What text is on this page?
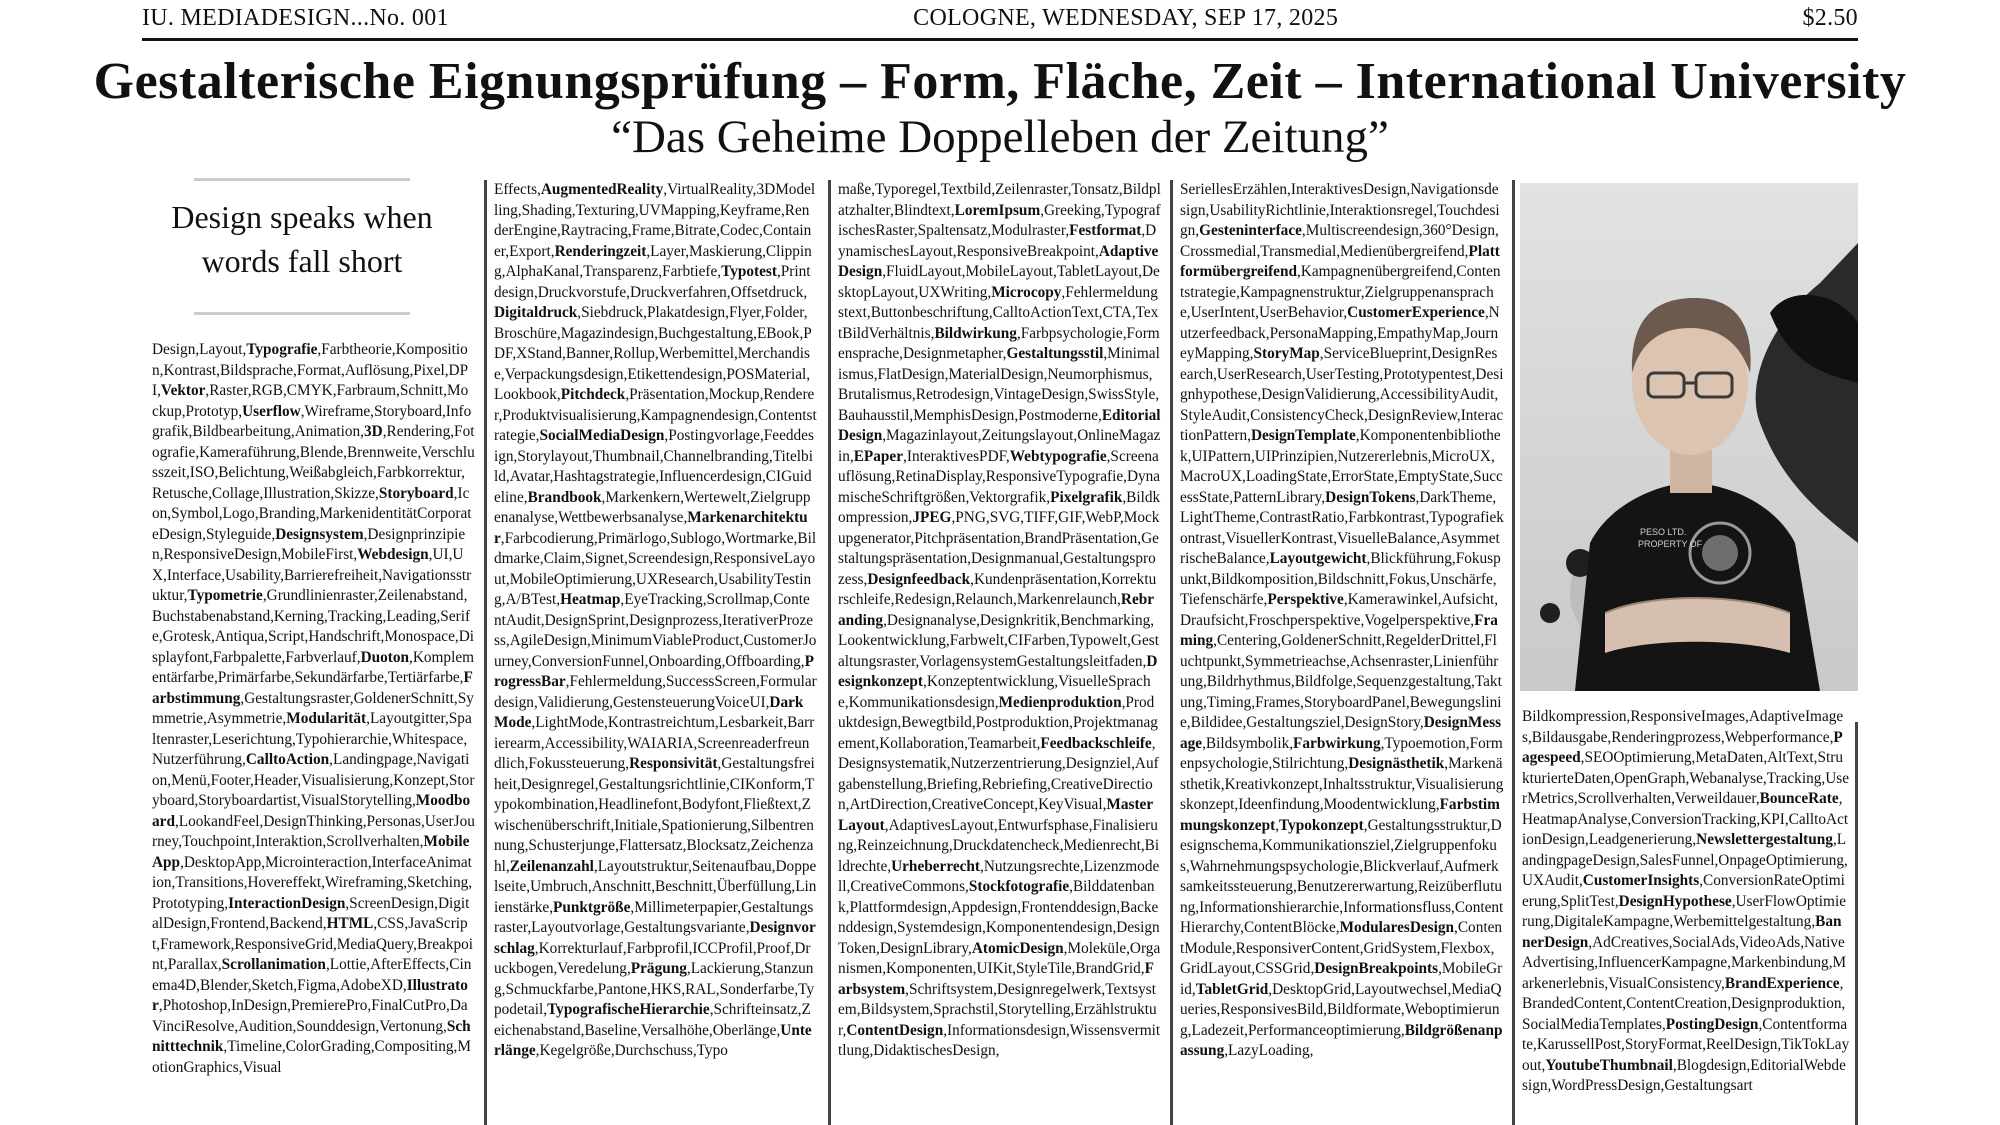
IU. MEDIADESIGN...No. 001	COLOGNE, WEDNESDAY, SEP 17, 2025	$2.50
Gestalterische Eignungsprüfung – Form, Fläche, Zeit – International University
“Das Geheime Doppelleben der Zeitung”
Design speaks when words fall short
Design,Layout,Typografie,Farbtheorie,Komposition,Kontrast,Bildsprache,Format,Auflösung,Pixel,DPI,Vektor,Raster,RGB,CMYK,Farbraum,Schnitt,Mockup,Prototyp,Userflow,Wireframe,Storyboard,Infografik,Bildbearbeitung,Animation,3D,Rendering,Fotografie,Kameraführung,Blende,Brennweite,Verschlusszeit,ISO,Belichtung,Weißabgleich,Farbkorrektur,Retusche,Collage,Illustration,Skizze,Storyboard,Icon,Symbol,Logo,Branding,MarkenidentitätCorporateDesign,Styleguide,Designsystem,Designprinzipien,ResponsiveDesign,MobileFirst,Webdesign,UI,UX,Interface,Usability,Barrierefreiheit,Navigationsstruktur,Typometrie,Grundlinienraster,Zeilenabstand,Buchstabenabstand,Kerning,Tracking,Leading,Serife,Grotesk,Antiqua,Script,Handschrift,Monospace,Displayfont,Farbpalette,Farbverlauf,Duoton,Komplementärfarbe,Primärfarbe,Sekundärfarbe,Tertiärfarbe,Farbstimmung,Gestaltungsraster,GoldenerSchnitt,Symmetrie,Asymmetrie,Modularität,Layoutgitter,Spaltenraster,Leserichtung,Typohierarchie,Whitespace,Nutzerführung,CalltoAction,Landingpage,Navigation,Menü,Footer,Header,Visualisierung,Konzept,Storyboard,Storyboardartist,VisualStorytelling,Moodboard,LookandFeel,DesignThinking,Personas,UserJourney,Touchpoint,Interaktion,Scrollverhalten,MobileApp,DesktopApp,Microinteraction,InterfaceAnimation,Transitions,Hovereffekt,Wireframing,Sketching,Prototyping,InteractionDesign,ScreenDesign,DigitalDesign,Frontend,Backend,HTML,CSS,JavaScript,Framework,ResponsiveGrid,MediaQuery,Breakpoint,Parallax,Scrollanimation,Lottie,AfterEffects,Cinema4D,Blender,Sketch,Figma,AdobeXD,Illustrator,Photoshop,InDesign,PremierePro,FinalCutPro,DaVinciResolve,Audition,Sounddesign,Vertonung,Schnitttechnik,Timeline,ColorGrading,Compositing,MotionGraphics,Visual
Effects,AugmentedReality,VirtualReality,3DModelling,Shading,Texturing,UVMapping,Keyframe,RenderEngine,Raytracing,Frame,Bitrate,Codec,Container,Export,Renderingzeit,Layer,Maskierung,Clipping,AlphaKanal,Transparenz,Farbtiefe,Typotest,Printdesign,Druckvorstufe,Druckverfahren,Offsetdruck,Digitaldruck,Siebdruck,Plakatdesign,Flyer,Folder,Broschüre,Magazindesign,Buchgestaltung,EBook,PDF,XStand,Banner,Rollup,Werbemittel,Merchandise,Verpackungsdesign,Etikettendesign,POSMaterial,Lookbook,Pitchdeck,Präsentation,Mockup,Renderer,Produktvisualisierung,Kampagnendesign,Contentstrategie,SocialMediaDesign,Postingvorlage,Feeddesign,Storylayout,Thumbnail,Channelbranding,Titelbild,Avatar,Hashtagstrategie,Influencerdesign,CIGuideline,Brandbook,Markenkern,Wertewelt,Zielgruppenanalyse,Wettbewerbsanalyse,Markenarchitektur,Farbcodierung,Primärlogo,Sublogo,Wortmarke,Bildmarke,Claim,Signet,Screendesign,ResponsiveLayout,MobileOptimierung,UXResearch,UsabilityTesting,A/BTest,Heatmap,EyeTracking,Scrollmap,ContentAudit,DesignSprint,Designprozess,IterativerProzess,AgileDesign,MinimumViableProduct,CustomerJourney,ConversionFunnel,Onboarding,Offboarding,ProgressBar,Fehlermeldung,SuccessScreen,Formulardesign,Validierung,GestensteuerungVoiceUI,DarkMode,LightMode,Kontrastreichtum,Lesbarkeit,Barrierearm,Accessibility,WAIARIA,Screenreaderfreundlich,Fokussteuerung,Responsivität,Gestaltungsfreiheit,Designregel,Gestaltungsrichtlinie,CIKonform,Typokombination,Headlinefont,Bodyfont,Fließtext,Zwischenüberschrift,Initiale,Spationierung,Silbentrennung,Schusterjunge,Flattersatz,Blocksatz,Zeichenzahl,Zeilenanzahl,Layoutstruktur,Seitenaufbau,Doppelseite,Umbruch,Anschnitt,Beschnitt,Überfüllung,Linienstärke,Punktgröße,Millimeterpapier,Gestaltungsraster,Layoutvorlage,Gestaltungsvariante,Designvorschlag,Korrekturlauf,Farbprofil,ICCProfil,Proof,Druckbogen,Veredelung,Prägung,Lackierung,Stanzung,Schmuckfarbe,Pantone,HKS,RAL,Sonderfarbe,Typodetail,TypografischeHierarchie,Schrifteinsatz,Zeichenabstand,Baseline,Versalhöhe,Oberlänge,Unterlänge,Kegelgröße,Durchschuss,Typo
maße,Typoregel,Textbild,Zeilenraster,Tonsatz,Bildplatzhalter,Blindtext,LoremIpsum,Greeking,TypografischesRaster,Spaltensatz,Modulraster,Festformat,DynamischesLayout,ResponsiveBreakpoint,AdaptiveDesign,FluidLayout,MobileLayout,TabletLayout,DesktopLayout,UXWriting,Microcopy,Fehlermeldungstext,Buttonbeschriftung,CalltoActionText,CTA,TextBildVerhältnis,Bildwirkung,Farbpsychologie,Formensprache,Designmetapher,Gestaltungsstil,Minimalismus,FlatDesign,MaterialDesign,Neumorphismus,Brutalismus,Retrodesign,VintageDesign,SwissStyle,Bauhausstil,MemphisDesign,Postmoderne,EditorialDesign,Magazinlayout,Zeitungslayout,OnlineMagazin,EPaper,InteraktivesPDF,Webtypografie,Screenauflösung,RetinaDisplay,ResponsiveTypografie,DynamischeSchriftgrößen,Vektorgrafik,Pixelgrafik,Bildkompression,JPEG,PNG,SVG,TIFF,GIF,WebP,Mockupgenerator,Pitchpräsentation,BrandPräsentation,Gestaltungspräsentation,Designmanual,Gestaltungsprozess,Designfeedback,Kundenpräsentation,Korrekturschleife,Redesign,Relaunch,Markenrelaunch,Rebranding,Designanalyse,Designkritik,Benchmarking,Lookentwicklung,Farbwelt,CIFarben,Typowelt,Gestaltungsraster,VorlagensystemGestaltungsleitfaden,Designkonzept,Konzeptentwicklung,VisuelleSprache,Kommunikationsdesign,Medienproduktion,Produktdesign,Bewegtbild,Postproduktion,Projektmanagement,Kollaboration,Teamarbeit,Feedbackschleife,Designsystematik,Nutzerzentrierung,Designziel,Aufgabenstellung,Briefing,Rebriefing,CreativeDirection,ArtDirection,CreativeConcept,KeyVisual,MasterLayout,AdaptivesLayout,Entwurfsphase,Finalisierung,Reinzeichnung,Druckdatencheck,Medienrecht,Bildrechte,Urheberrecht,Nutzungsrechte,Lizenzmodell,CreativeCommons,Stockfotografie,Bilddatenbank,Plattformdesign,Appdesign,Frontenddesign,Backenddesign,Systemdesign,Komponentendesign,DesignToken,DesignLibrary,AtomicDesign,Moleküle,Organismen,Komponenten,UIKit,StyleTile,BrandGrid,Farbsystem,Schriftsystem,Designregelwerk,Textsystem,Bildsystem,Sprachstil,Storytelling,Erzählstruktur,ContentDesign,Informationsdesign,Wissensvermittlung,DidaktischesDesign,
SeriellesErzählen,InteraktivesDesign,Navigationsdesign,UsabilityRichtlinie,Interaktionsregel,Touchdesign,Gesteninterface,Multiscreendesign,360°Design,Crossmedial,Transmedial,Medienübergreifend,Plattformübergreifend,Kampagnenübergreifend,Contentstrategie,Kampagnenstruktur,Zielgruppenansprache,UserIntent,UserBehavior,CustomerExperience,Nutzerfeedback,PersonaMapping,EmpathyMap,JourneyMapping,StoryMap,ServiceBlueprint,DesignResearch,UserResearch,UserTesting,Prototypentest,Designhypothese,DesignValidierung,AccessibilityAudit,StyleAudit,ConsistencyCheck,DesignReview,InteractionPattern,DesignTemplate,Komponentenbibliothek,UIPattern,UIPrinzipien,Nutzererlebnis,MicroUX,MacroUX,LoadingState,ErrorState,EmptyState,SuccessState,PatternLibrary,DesignTokens,DarkTheme,LightTheme,ContrastRatio,Farbkontrast,Typografiekontrast,VisuellerKontrast,VisuelleBalance,AsymmetrischeBalance,Layoutgewicht,Blickführung,Fokuspunkt,Bildkomposition,Bildschnitt,Fokus,Unschärfe,Tiefenschärfe,Perspektive,Kamerawinkel,Aufsicht,Draufsicht,Froschperspektive,Vogelperspektive,Framing,Centering,GoldenerSchnitt,RegelderDrittel,Fluchtpunkt,Symmetrieachse,Achsenraster,Linienführung,Bildrhythmus,Bildfolge,Sequenzgestaltung,Taktung,Timing,Frames,StoryboardPanel,Bewegungslinie,Bildidee,Gestaltungsziel,DesignStory,DesignMessage,Bildsymbolik,Farbwirkung,Typoemotion,Formenpsychologie,Stilrichtung,Designästhetik,Markenästhetik,Kreativkonzept,Inhaltsstruktur,Visualisierungskonzept,Ideenfindung,Moodentwicklung,Farbstimmungskonzept,Typokonzept,Gestaltungsstruktur,Designschema,Kommunikationsziel,Zielgruppenfokus,Wahrnehmungspsychologie,Blickverlauf,Aufmerksamkeitssteuerung,Benutzererwartung,Reizüberflutung,Informationshierarchie,Informationsfluss,ContentHierarchy,ContentBlöcke,ModularesDesign,ContentModule,ResponsiverContent,GridSystem,Flexbox,GridLayout,CSSGrid,DesignBreakpoints,MobileGrid,TabletGrid,DesktopGrid,Layoutwechsel,MediaQueries,ResponsivesBild,Bildformate,Weboptimierung,Ladezeit,Performanceoptimierung,Bildgrößenanpassung,LazyLoading,
PESO LTD.
PROPERTY OF
Bildkompression,ResponsiveImages,AdaptiveImages,Bildausgabe,Renderingprozess,Webperformance,Pagespeed,SEOOptimierung,MetaDaten,AltText,StrukturierteDaten,OpenGraph,Webanalyse,Tracking,UserMetrics,Scrollverhalten,Verweildauer,BounceRate,HeatmapAnalyse,ConversionTracking,KPI,CalltoActionDesign,Leadgenerierung,Newslettergestaltung,LandingpageDesign,SalesFunnel,OnpageOptimierung,UXAudit,CustomerInsights,ConversionRateOptimierung,SplitTest,DesignHypothese,UserFlowOptimierung,DigitaleKampagne,Werbemittelgestaltung,BannerDesign,AdCreatives,SocialAds,VideoAds,NativeAdvertising,InfluencerKampagne,Markenbindung,Markenerlebnis,VisualConsistency,BrandExperience,BrandedContent,ContentCreation,Designproduktion,SocialMediaTemplates,PostingDesign,Contentformate,KarussellPost,StoryFormat,ReelDesign,TikTokLayout,YoutubeThumbnail,Blogdesign,EditorialWebdesign,WordPressDesign,Gestaltungsart
